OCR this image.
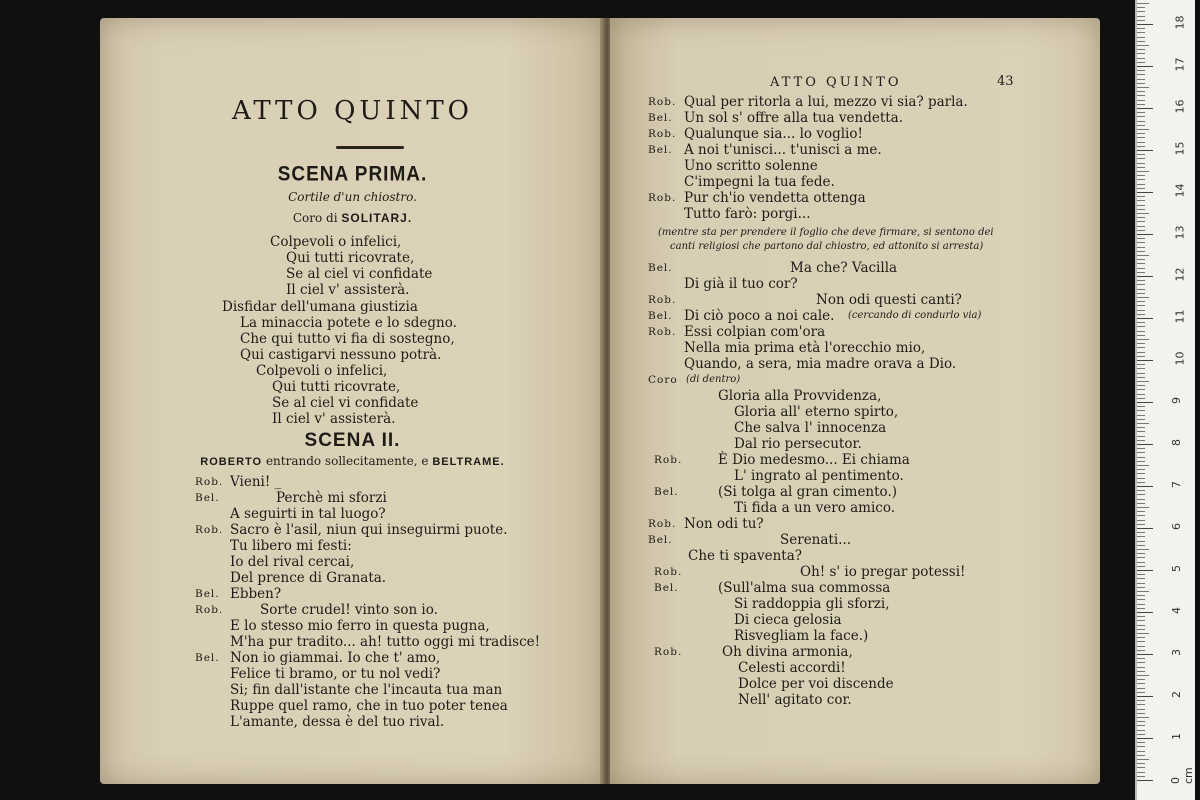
ATTO QUINTO
SCENA PRIMA.
Cortile d'un chiostro.
Coro di SOLITARJ.
Colpevoli o infelici,
Qui tutti ricovrate,
Se al ciel vi confidate
Il ciel v' assisterà.
Disfidar dell'umana giustizia
La minaccia potete e lo sdegno.
Che qui tutto vi fia di sostegno,
Qui castigarvi nessuno potrà.
Colpevoli o infelici,
Qui tutti ricovrate,
Se al ciel vi confidate
Il ciel v' assisterà.
SCENA II.
ROBERTO entrando sollecitamente, e BELTRAME.
Rob. Vieni! _
Bel.	Perchè mi sforzi
A seguirti in tal luogo?
Rob. Sacro è l'asil, niun qui inseguirmi puote.
Tu libero mi festi:
Io del rival cercai,
Del prence di Granata.
Bel. Ebben?
Rob.	Sorte crudel! vinto son io.
E lo stesso mio ferro in questa pugna,
M'ha pur tradito... ah! tutto oggi mi tradisce!
Bel. Non io giammai. Io che t' amo,
Felice ti bramo, or tu nol vedi?
Si; fin dall'istante che l'incauta tua man
Ruppe quel ramo, che in tuo poter tenea
L'amante, dessa è del tuo rival.
ATTO QUINTO	43
Rob. Qual per ritorla a lui, mezzo vi sia? parla.
Bel. Un sol s' offre alla tua vendetta.
Rob. Qualunque sia... lo voglio!
Bel. A noi t'unisci... t'unisci a me.
Uno scritto solenne
C'impegni la tua fede.
Rob. Pur ch'io vendetta ottenga
Tutto farò: porgi...
(mentre sta per prendere il foglio che deve firmare, si sentono dei
canti religiosi che partono dal chiostro, ed attonito si arresta)
Bel.	Ma che? Vacilla
Di già il tuo cor?
Rob.	Non odi questi canti?
Bel. Di ciò poco a noi cale. (cercando di condurlo via)
Rob. Essi colpian com'ora
Nella mia prima età l'orecchio mio,
Quando, a sera, mia madre orava a Dio.
Coro (di dentro)
Gloria alla Provvidenza,
Gloria all' eterno spirto,
Che salva l' innocenza
Dal rio persecutor.
Rob.	È Dio medesmo... Ei chiama
L' ingrato al pentimento.
Bel.	(Si tolga al gran cimento.)
Ti fida a un vero amico.
Rob. Non odi tu?
Bel.	Serenati...
Che ti spaventa?
Rob.	Oh! s' io pregar potessi!
Bel.	(Sull'alma sua commossa
Si raddoppia gli sforzi,
Di cieca gelosia
Risvegliam la face.)
Rob.	Oh divina armonia,
Celesti accordi!
Dolce per voi discende
Nell' agitato cor.
0 cm
1
2
3
4
5
6
7
8
9
10
11
12
13
14
15
16
17
18
